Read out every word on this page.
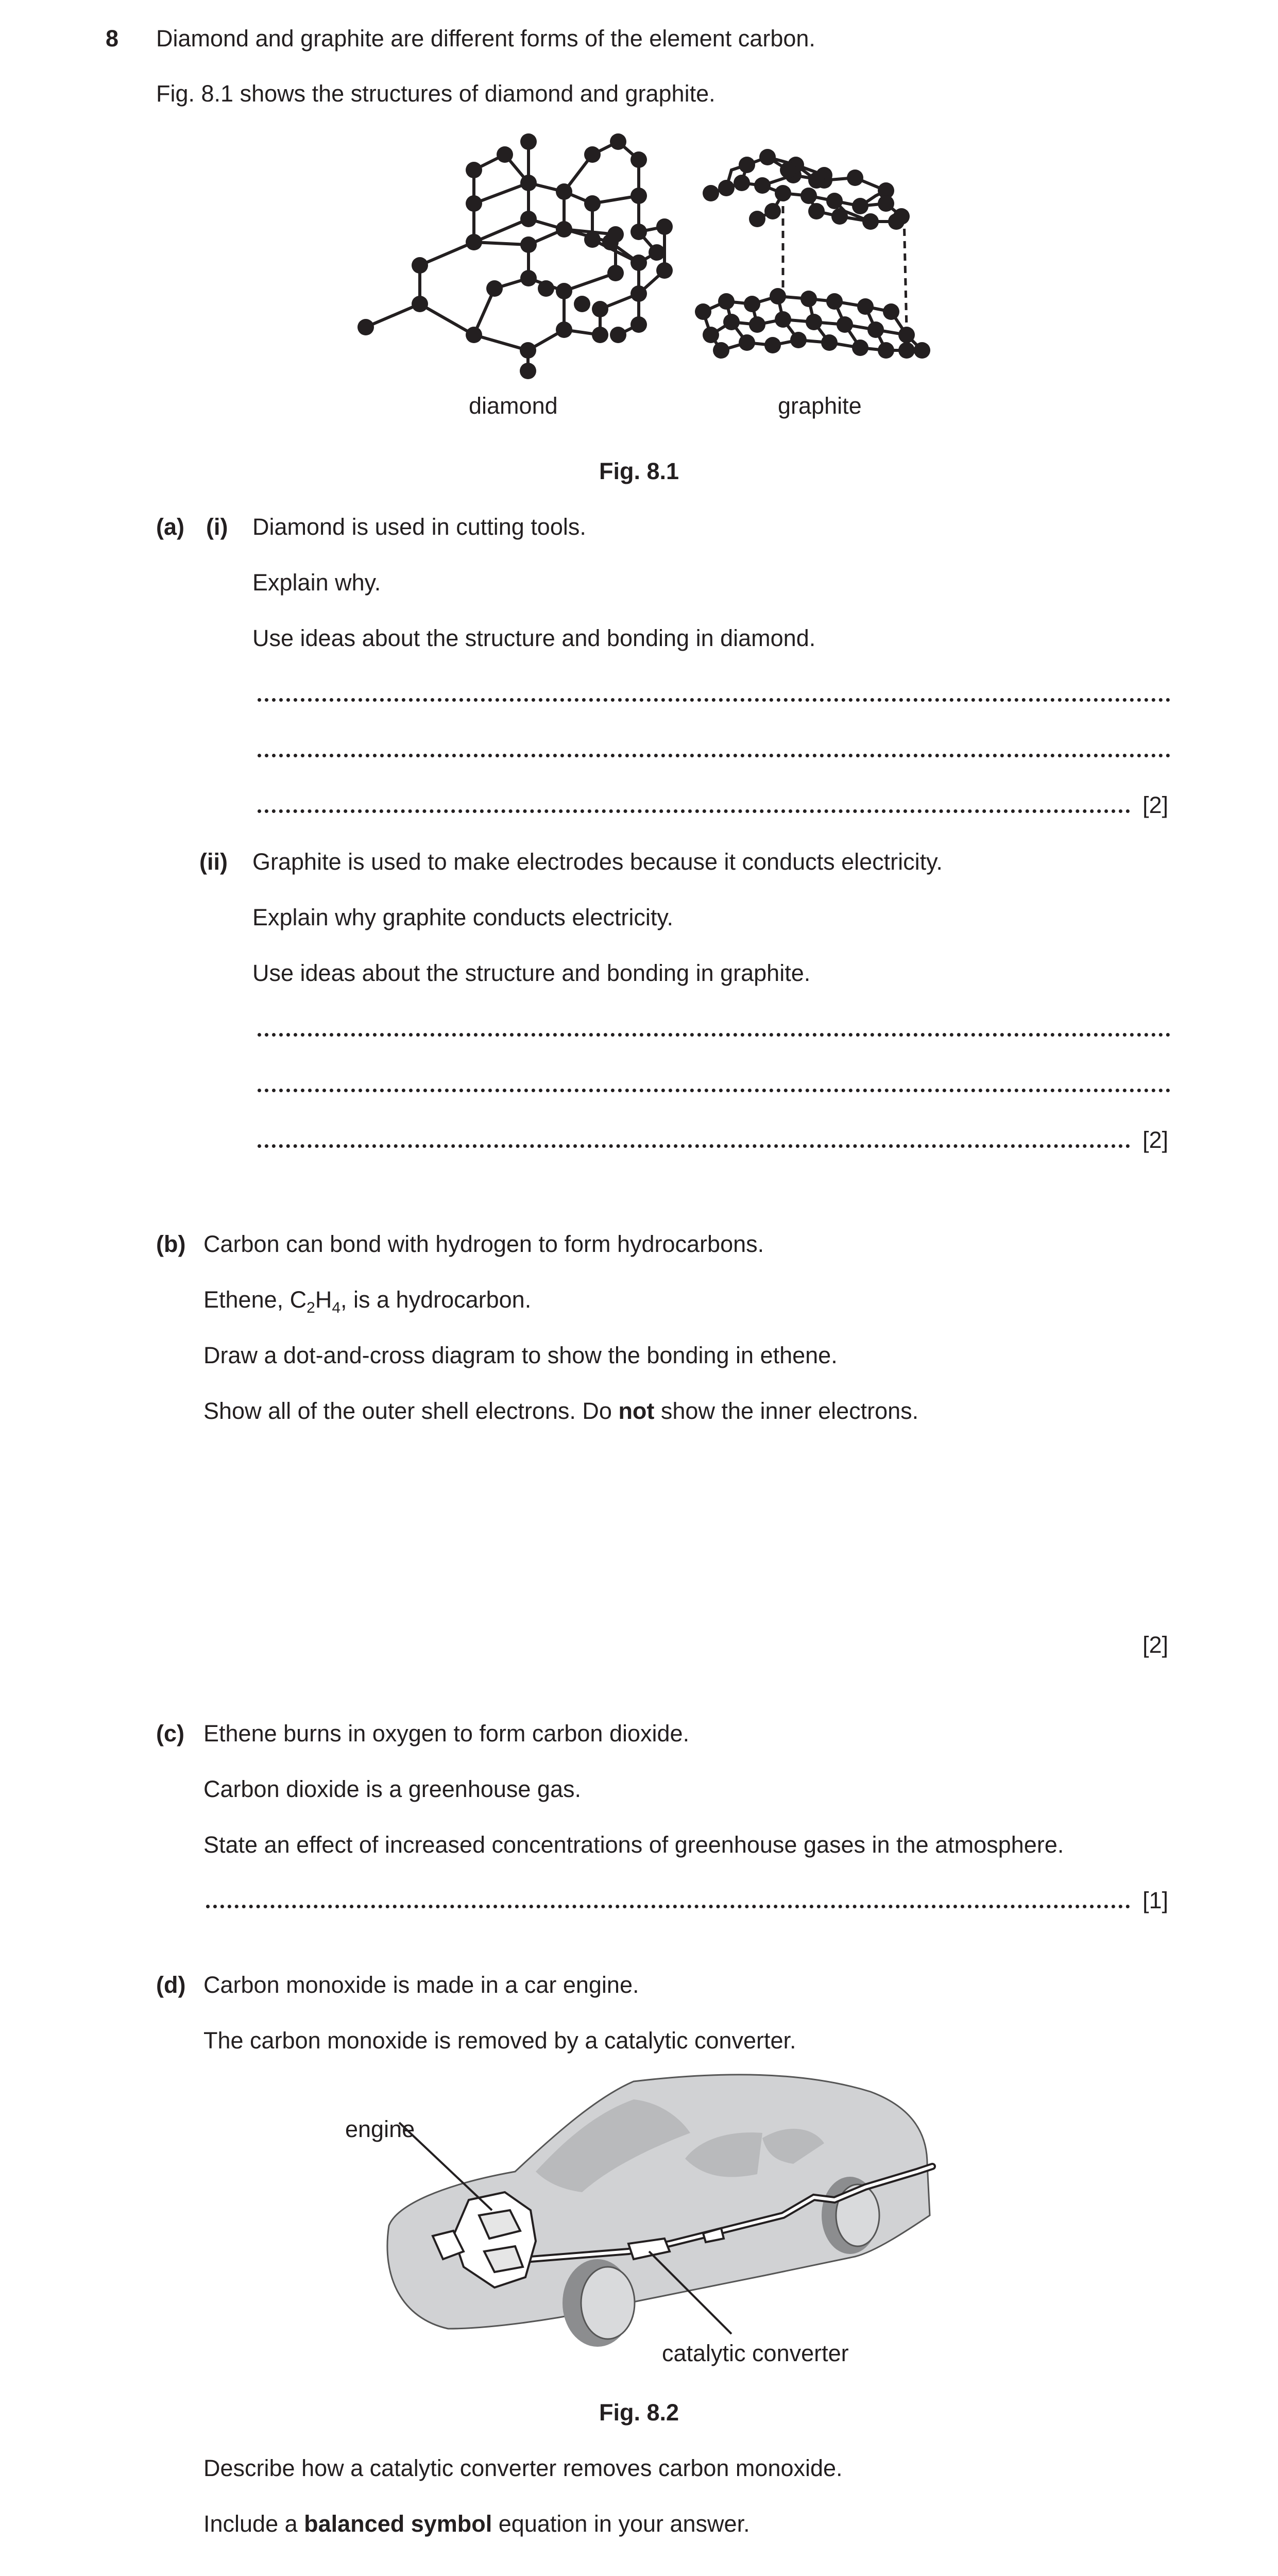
8 Diamond and graphite are different forms of the element carbon.
Fig. 8.1 shows the structures of diamond and graphite.
diamond	graphite
Fig. 8.1
(a) (i) Diamond is used in cutting tools.
Explain why.
Use ideas about the structure and bonding in diamond.
[2]
(ii) Graphite is used to make electrodes because it conducts electricity.
Explain why graphite conducts electricity.
Use ideas about the structure and bonding in graphite.
[2]
(b) Carbon can bond with hydrogen to form hydrocarbons.
Ethene, $C_2H_4$, is a hydrocarbon.
Draw a dot-and-cross diagram to show the bonding in ethene.
Show all of the outer shell electrons. Do not show the inner electrons.
[2]
(c) Ethene burns in oxygen to form carbon dioxide.
Carbon dioxide is a greenhouse gas.
State an effect of increased concentrations of greenhouse gases in the atmosphere.
[1]
(d) Carbon monoxide is made in a car engine.
The carbon monoxide is removed by a catalytic converter.
engine
catalytic converter
Fig. 8.2
Describe how a catalytic converter removes carbon monoxide.
Include a balanced symbol equation in your answer.
